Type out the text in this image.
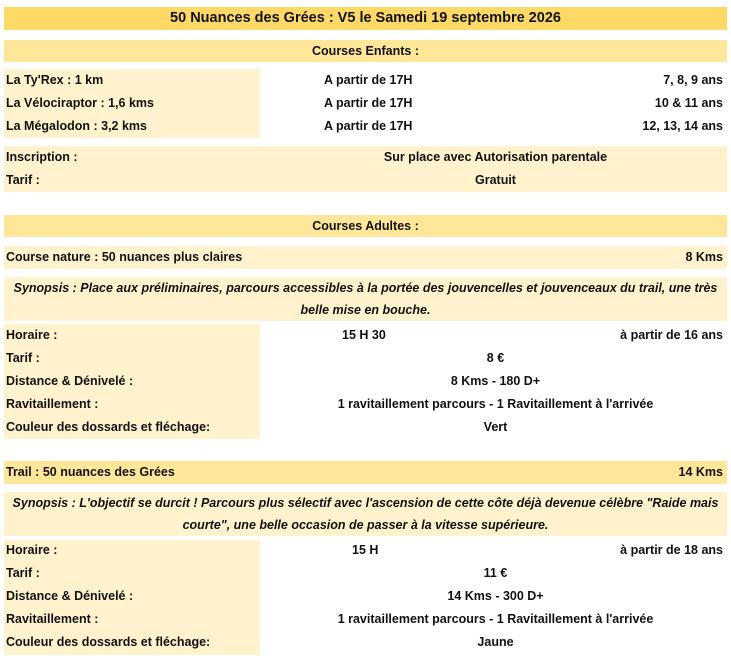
50 Nuances des Grées : V5 le Samedi 19 septembre 2026
Courses Enfants :
La Ty'Rex : 1 km	A partir de 17H	7, 8, 9 ans
La Vélociraptor : 1,6 kms	A partir de 17H	10 & 11 ans
La Mégalodon : 3,2 kms	A partir de 17H	12, 13, 14 ans
Inscription :	Sur place avec Autorisation parentale
Tarif :	Gratuit
Courses Adultes :
Course nature : 50 nuances plus claires	8 Kms
Synopsis : Place aux préliminaires, parcours accessibles à la portée des jouvencelles et jouvenceaux du trail, une très belle mise en bouche.
Horaire :	15 H 30	à partir de 16 ans
Tarif :	8 €
Distance & Dénivelé :	8 Kms - 180 D+
Ravitaillement :	1 ravitaillement parcours - 1 Ravitaillement à l'arrivée
Couleur des dossards et fléchage:	Vert
Trail : 50 nuances des Grées	14 Kms
Synopsis : L'objectif se durcit ! Parcours plus sélectif avec l'ascension de cette côte déjà devenue célèbre "Raide mais courte", une belle occasion de passer à la vitesse supérieure.
Horaire :	15 H	à partir de 18 ans
Tarif :	11 €
Distance & Dénivelé :	14 Kms - 300 D+
Ravitaillement :	1 ravitaillement parcours - 1 Ravitaillement à l'arrivée
Couleur des dossards et fléchage:	Jaune
